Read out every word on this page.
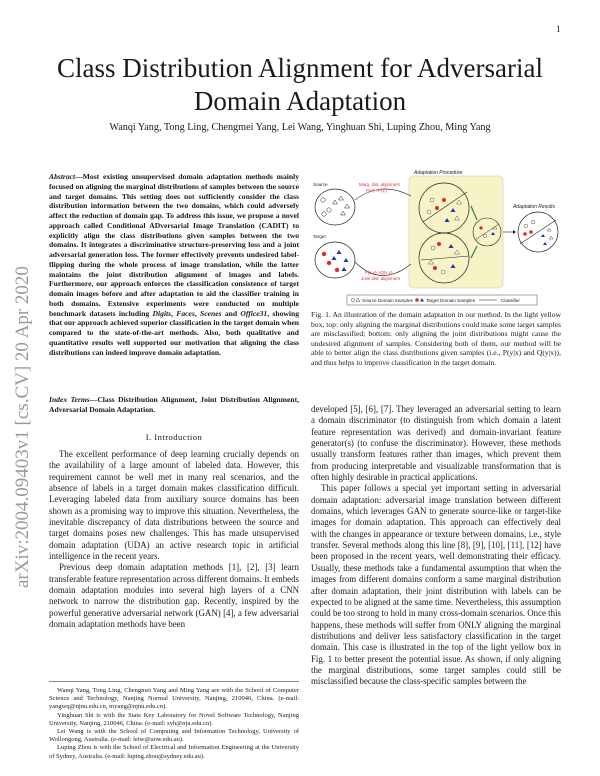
1
arXiv:2004.09403v1 [cs.CV] 20 Apr 2020
Class Distribution Alignment for Adversarial
Domain Adaptation
Wanqi Yang, Tong Ling, Chengmei Yang, Lei Wang, Yinghuan Shi, Luping Zhou, Ming Yang
Abstract—Most existing unsupervised domain adaptation methods mainly focused on aligning the marginal distributions of samples between the source and target domains. This setting does not sufficiently consider the class distribution information between the two domains, which could adversely affect the reduction of domain gap. To address this issue, we propose a novel approach called Conditional ADversarial Image Translation (CADIT) to explicitly align the class distributions given samples between the two domains. It integrates a discriminative structure-preserving loss and a joint adversarial generation loss. The former effectively prevents undesired label-flipping during the whole process of image translation, while the latter maintains the joint distribution alignment of images and labels. Furthermore, our approach enforces the classification consistence of target domain images before and after adaptation to aid the classifier training in both domains. Extensive experiments were conducted on multiple benchmark datasets including Digits, Faces, Scenes and Office31, showing that our approach achieved superior classification in the target domain when compared to the state-of-the-art methods. Also, both qualitative and quantitative results well supported our motivation that aligning the class distributions can indeed improve domain adaptation.
Index Terms—Class Distribution Alignment, Joint Distribution Alignment, Adversarial Domain Adaptation.
I. Introduction

The excellent performance of deep learning crucially depends on the availability of a large amount of labeled data. However, this requirement cannot be well met in many real scenarios, and the absence of labels in a target domain makes classification difficult. Leveraging labeled data from auxiliary source domains has been shown as a promising way to improve this situation. Nevertheless, the inevitable discrepancy of data distributions between the source and target domains poses new challenges. This has made unsupervised domain adaptation (UDA) an active research topic in artificial intelligence in the recent years.

Previous deep domain adaptation methods [1], [2], [3] learn transferable feature representation across different domains. It embeds domain adaptation modules into several high layers of a CNN network to narrow the distribution gap. Recently, inspired by the powerful generative adversarial network (GAN) [4], a few adversarial domain adaptation methods have been

Wanqi Yang, Tong Ling, Chengmei Yang and Ming Yang are with the School of Computer Science and Technology, Nanjing Normal University, Nanjing, 210046, China. (e-mail: yangwq@njnu.edu.cn, myang@njnu.edu.cn).

Yinghuan Shi is with the State Key Laboratory for Novel Software Technology, Nanjing University, Nanjing, 210046, China. (e-mail: syh@nju.edu.cn).

Lei Wang is with the School of Computing and Information Technology, University of Wollongong, Australia. (e-mail: leiw@uow.edu.au).

Luping Zhou is with the School of Electrical and Information Engineering at the University of Sydney, Australia. (e-mail: luping.zhou@sydney.edu.au).

Source
Target
Adaptation Procedure
Marg. dist. alignment
P(x)->P(x')
P(x,y)->Q(x,y)
Joint dist. alignment
Adaptation Results
Source Domain Samples	Target Domain Samples	Classifier
Fig. 1. An illustration of the domain adaptation in our method. In the light yellow box, top: only aligning the marginal distributions could make some target samples are misclassified; bottom: only aligning the joint distributions might cause the undesired alignment of samples. Considering both of them, our method will be able to better align the class distributions given samples (i.e., P(y|x) and Q(y|x)), and thus helps to improve classification in the target domain.

developed [5], [6], [7]. They leveraged an adversarial setting to learn a domain discriminator (to distinguish from which domain a latent feature representation was derived) and domain-invariant feature generator(s) (to confuse the discriminator). However, these methods usually transform features rather than images, which prevent them from producing interpretable and visualizable transformation that is often highly desirable in practical applications.

This paper follows a special yet important setting in adversarial domain adaptation: adversarial image translation between different domains, which leverages GAN to generate source-like or target-like images for domain adaptation. This approach can effectively deal with the changes in appearance or texture between domains, i.e., style transfer. Several methods along this line [8], [9], [10], [11], [12] have been proposed in the recent years, well demonstrating their efficacy. Usually, these methods take a fundamental assumption that when the images from different domains conform a same marginal distribution after domain adaptation, their joint distribution with labels can be expected to be aligned at the same time. Nevertheless, this assumption could be too strong to hold in many cross-domain scenarios. Once this happens, these methods will suffer from ONLY aligning the marginal distributions and deliver less satisfactory classification in the target domain. This case is illustrated in the top of the light yellow box in Fig. 1 to better present the potential issue. As shown, if only aligning the marginal distributions, some target samples could still be misclassified because the class-specific samples between the
